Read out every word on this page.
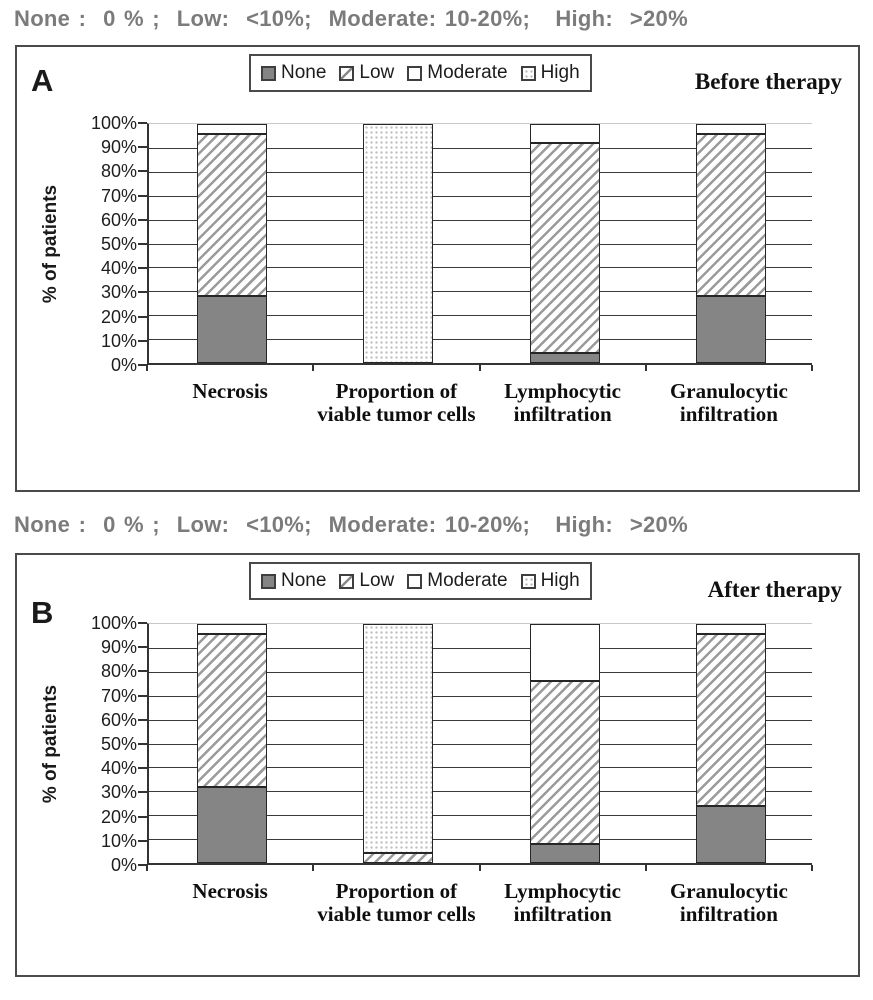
None :  0 % ;  Low:  <10%;  Moderate: 10-20%;   High:  >20%
A	None Low Moderate High	Before therapy
% of patients
100%
90%
80%
70%
60%
50%
40%
30%
20%
10%
0%
Necrosis	Proportion of viable tumor cells
Lymphocytic infiltration
Granulocytic infiltration
None :  0 % ;  Low:  <10%;  Moderate: 10-20%;   High:  >20%
B
None Low Moderate High	After therapy
% of patients
100%
90%
80%
70%
60%
50%
40%
30%
20%
10%
0%
Necrosis	Proportion of viable tumor cells
Lymphocytic infiltration
Granulocytic infiltration
